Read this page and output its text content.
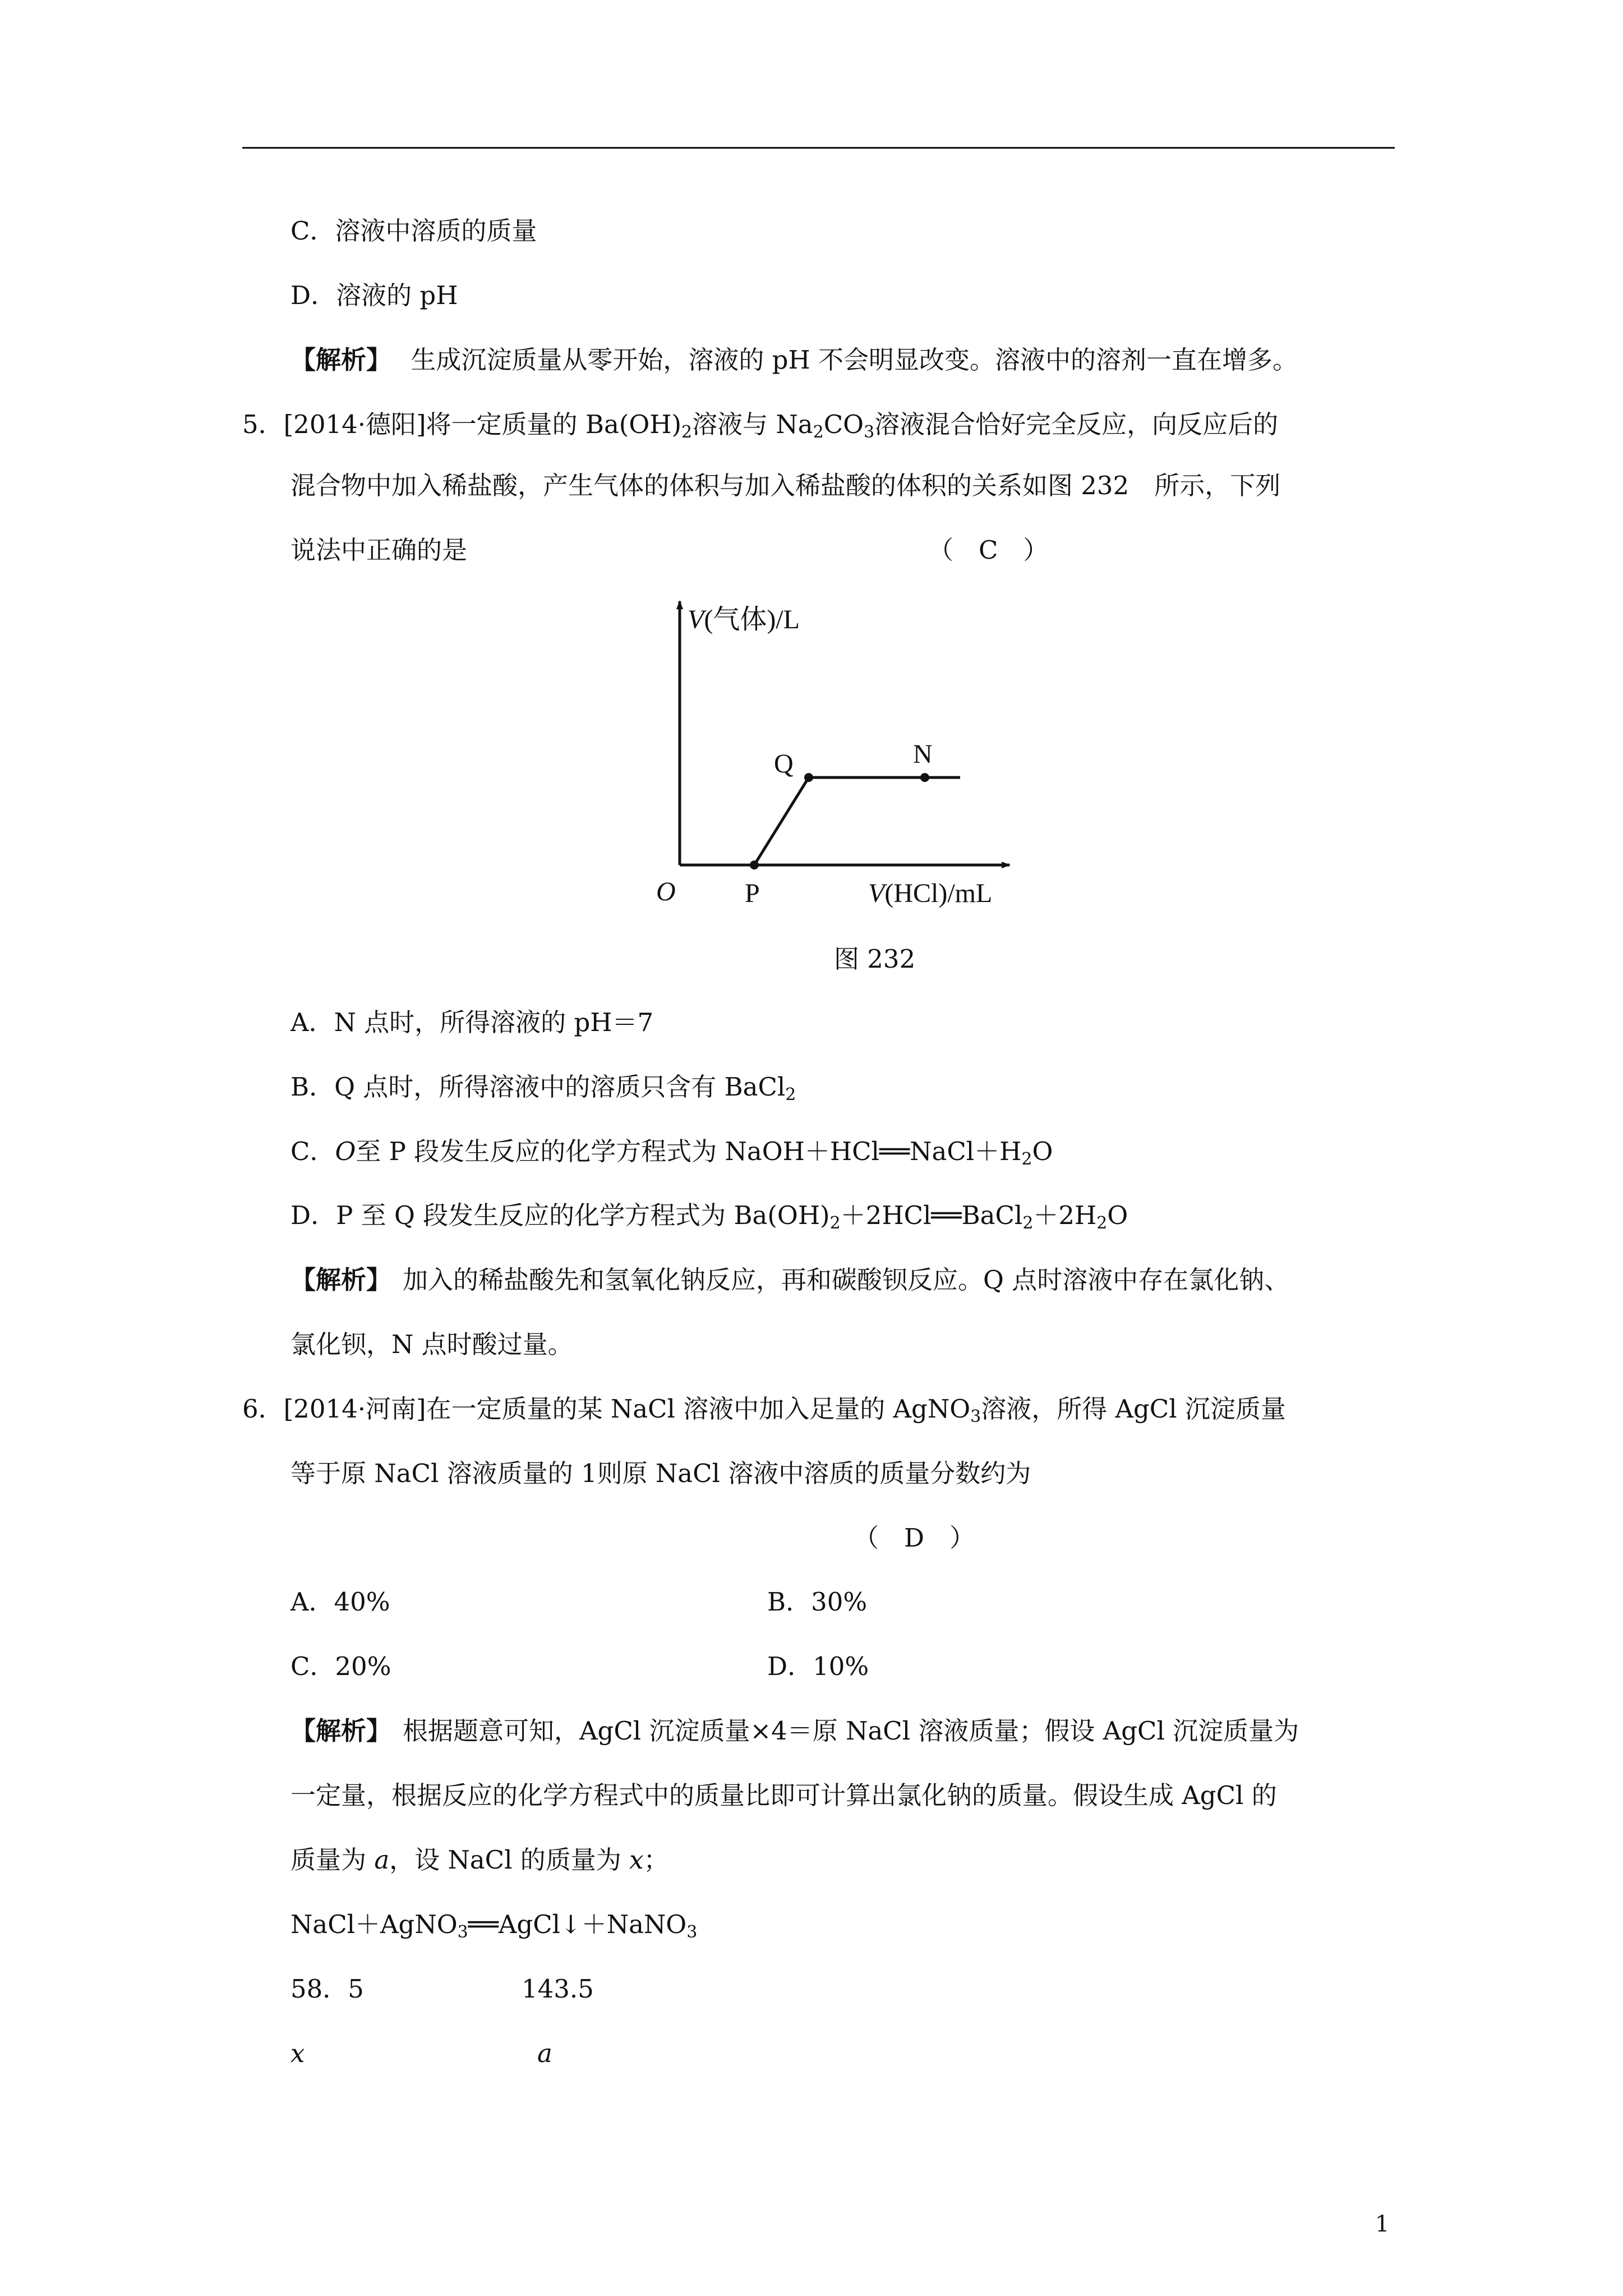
C．溶液中溶质的质量
D．溶液的 pH
【解析】 生成沉淀质量从零开始，溶液的 pH 不会明显改变。溶液中的溶剂一直在增多。
5．[2014·德阳]将一定质量的 $Ba(OH)_2$溶液与 $Na_2CO_3$溶液混合恰好完全反应，向反应后的
混合物中加入稀盐酸，产生气体的体积与加入稀盐酸的体积的关系如图 232　所示，下列
说法中正确的是	（　C　）
V(气体)/L
O	P
Q	N
V(HCl)/mL
图 232
A．N 点时，所得溶液的 pH＝7
B．Q 点时，所得溶液中的溶质只含有 BaCl$_2$
C．O至 P 段发生反应的化学方程式为 $NaOH+HCl══NaCl+H_2O$
D．P 至 Q 段发生反应的化学方程式为 $Ba(OH)_2+2HCl══BaCl_2+2H_2O$
【解析】 加入的稀盐酸先和氢氧化钠反应，再和碳酸钡反应。Q 点时溶液中存在氯化钠、
氯化钡，N 点时酸过量。
6．[2014·河南]在一定质量的某 NaCl 溶液中加入足量的 AgNO$_3$溶液，所得 AgCl 沉淀质量
等于原 NaCl 溶液质量的 1则原 NaCl 溶液中溶质的质量分数约为
（　D　）
A．40%	B．30%
C．20%	D．10%
【解析】 根据题意可知，AgCl 沉淀质量×4＝原 NaCl 溶液质量；假设 AgCl 沉淀质量为
一定量，根据反应的化学方程式中的质量比即可计算出氯化钠的质量。假设生成 AgCl 的
质量为 a，设 NaCl 的质量为 x；
NaCl＋AgNO$_3$══AgCl↓＋NaNO$_3$
58．5	143.5
x	a
1
